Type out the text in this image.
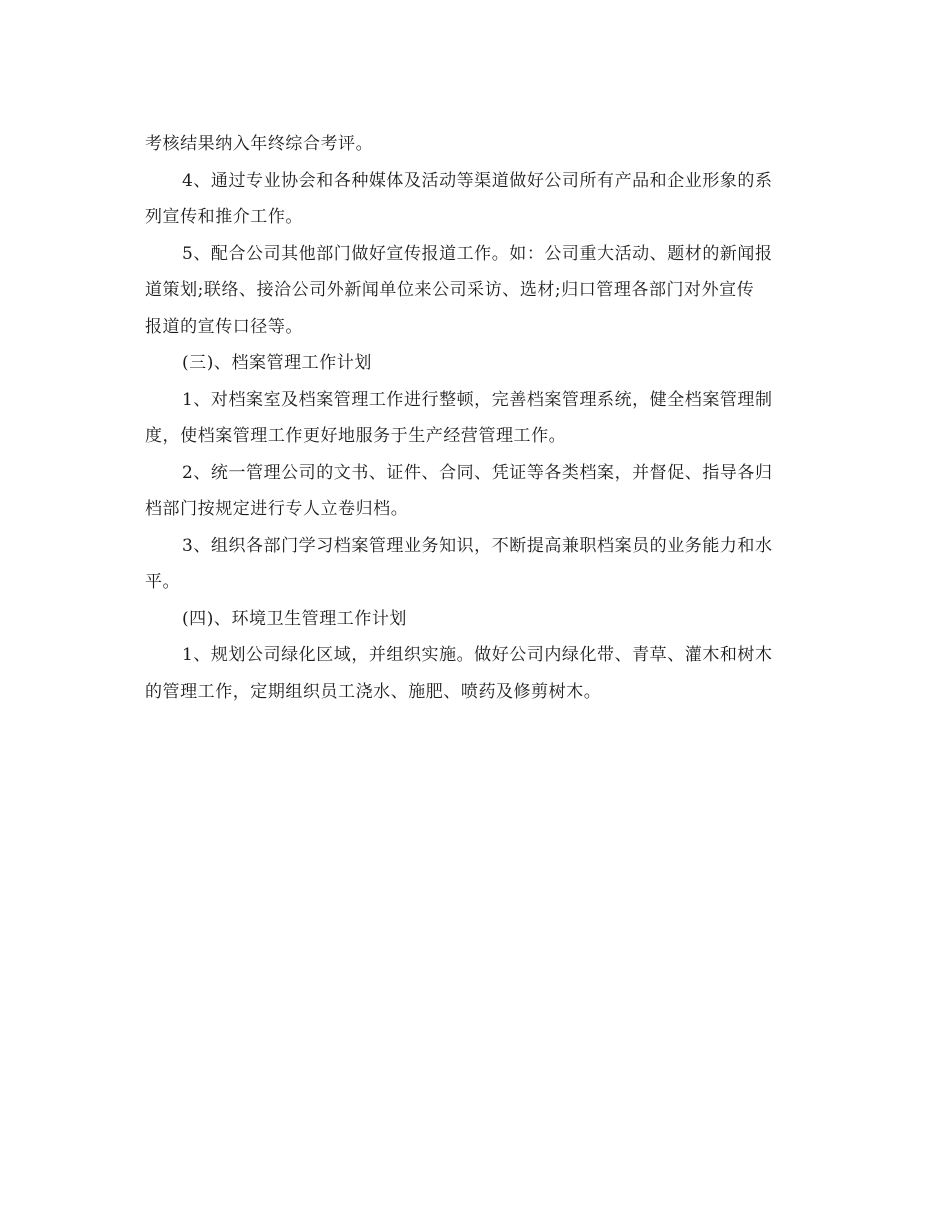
考核结果纳入年终综合考评。
4、通过专业协会和各种媒体及活动等渠道做好公司所有产品和企业形象的系
列宣传和推介工作。
5、配合公司其他部门做好宣传报道工作。如：公司重大活动、题材的新闻报
道策划;联络、接洽公司外新闻单位来公司采访、选材;归口管理各部门对外宣传
报道的宣传口径等。
(三)、档案管理工作计划
1、对档案室及档案管理工作进行整顿，完善档案管理系统，健全档案管理制
度，使档案管理工作更好地服务于生产经营管理工作。
2、统一管理公司的文书、证件、合同、凭证等各类档案，并督促、指导各归
档部门按规定进行专人立卷归档。
3、组织各部门学习档案管理业务知识，不断提高兼职档案员的业务能力和水
平。
(四)、环境卫生管理工作计划
1、规划公司绿化区域，并组织实施。做好公司内绿化带、青草、灌木和树木
的管理工作，定期组织员工浇水、施肥、喷药及修剪树木。
